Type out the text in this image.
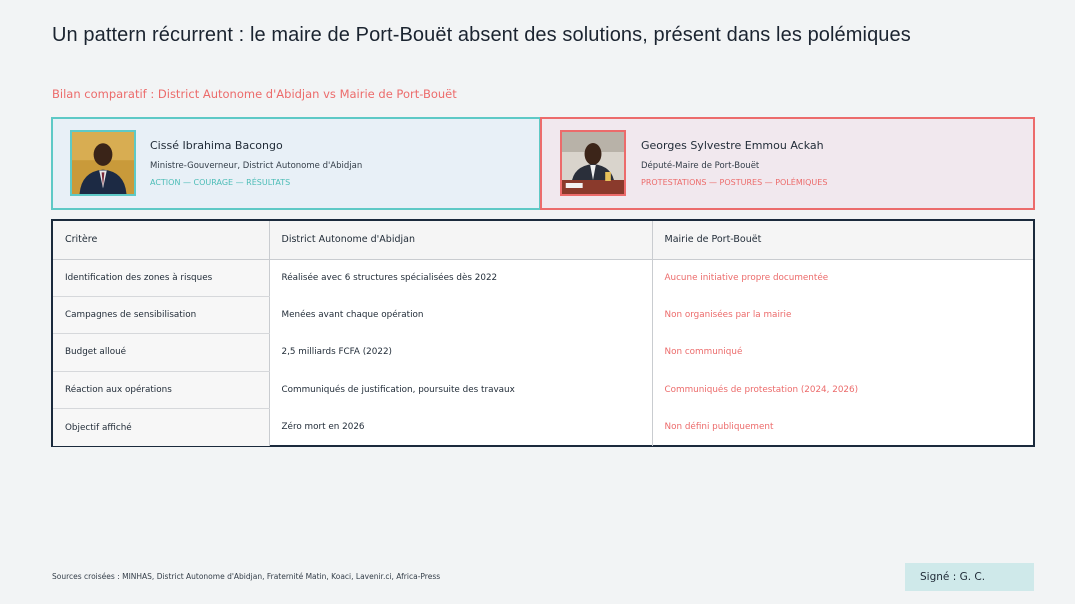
Un pattern récurrent : le maire de Port-Bouët absent des solutions, présent dans les polémiques
Bilan comparatif : District Autonome d'Abidjan vs Mairie de Port-Bouët
Cissé Ibrahima Bacongo
Ministre-Gouverneur, District Autonome d'Abidjan
ACTION — COURAGE — RÉSULTATS
Georges Sylvestre Emmou Ackah
Député-Maire de Port-Bouët
PROTESTATIONS — POSTURES — POLÉMIQUES
Critère	District Autonome d'Abidjan	Mairie de Port-Bouët
Identification des zones à risques	Réalisée avec 6 structures spécialisées dès 2022	Aucune initiative propre documentée
Campagnes de sensibilisation	Menées avant chaque opération	Non organisées par la mairie
Budget alloué	2,5 milliards FCFA (2022)	Non communiqué
Réaction aux opérations	Communiqués de justification, poursuite des travaux	Communiqués de protestation (2024, 2026)
Objectif affiché	Zéro mort en 2026	Non défini publiquement
Sources croisées : MINHAS, District Autonome d'Abidjan, Fraternité Matin, Koaci, Lavenir.ci, Africa-Press	Signé : G. C.
